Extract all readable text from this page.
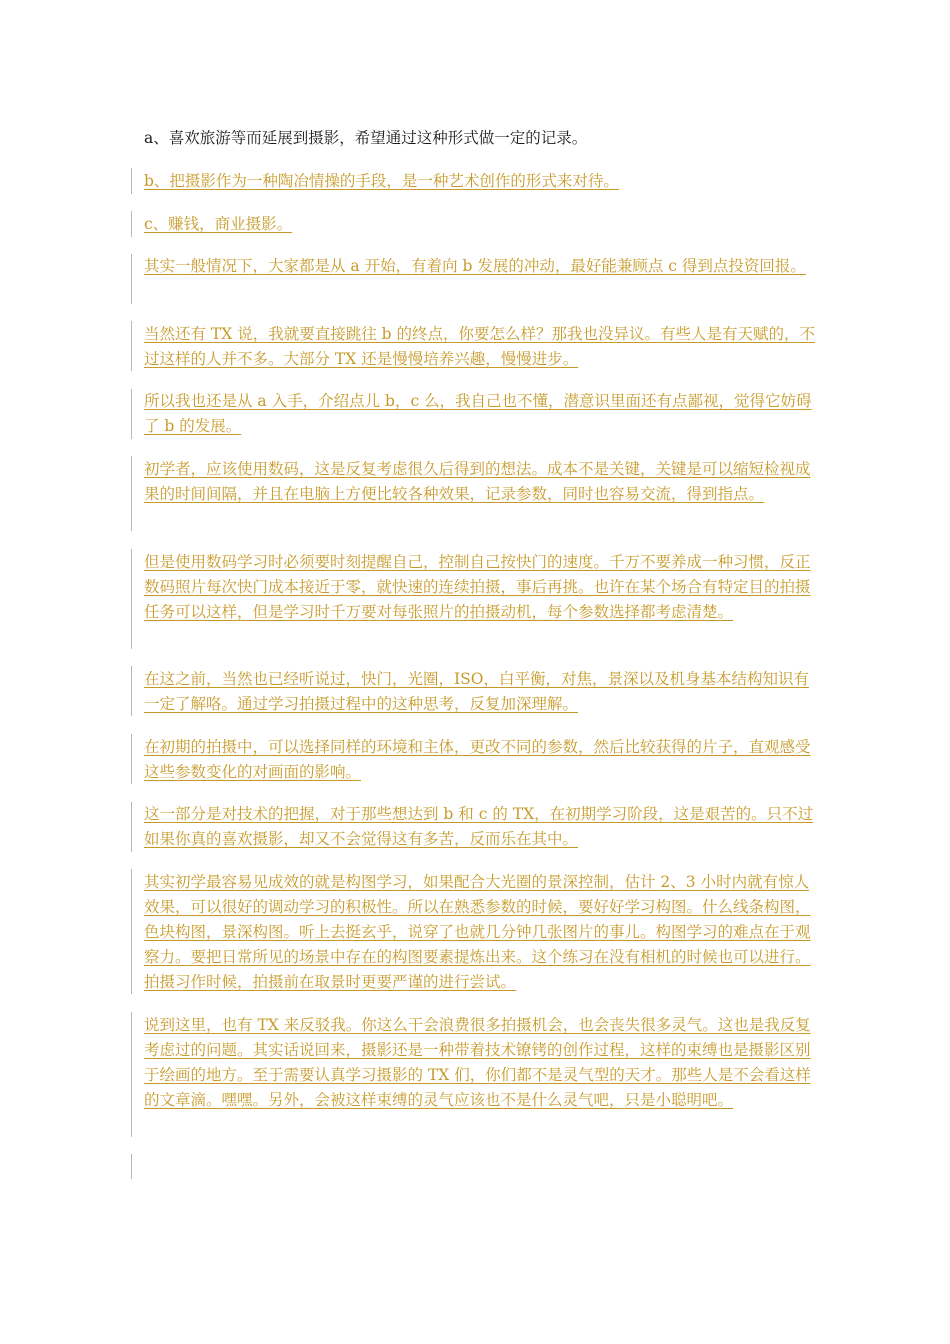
a、喜欢旅游等而延展到摄影，希望通过这种形式做一定的记录。

b、把摄影作为一种陶冶情操的手段，是一种艺术创作的形式来对待。

c、赚钱，商业摄影。

其实一般情况下，大家都是从 a 开始，有着向 b 发展的冲动，最好能兼顾点 c 得到点投资回报。

当然还有 TX 说，我就要直接跳往 b 的终点，你要怎么样？那我也没异议。有些人是有天赋的，不过这样的人并不多。大部分 TX 还是慢慢培养兴趣，慢慢进步。

所以我也还是从 a 入手，介绍点儿 b，c 么，我自己也不懂，潜意识里面还有点鄙视，觉得它妨碍了 b 的发展。

初学者，应该使用数码，这是反复考虑很久后得到的想法。成本不是关键，关键是可以缩短检视成果的时间间隔，并且在电脑上方便比较各种效果，记录参数，同时也容易交流，得到指点。

但是使用数码学习时必须要时刻提醒自己，控制自己按快门的速度。千万不要养成一种习惯，反正数码照片每次快门成本接近于零，就快速的连续拍摄，事后再挑。也许在某个场合有特定目的拍摄任务可以这样，但是学习时千万要对每张照片的拍摄动机，每个参数选择都考虑清楚。

在这之前，当然也已经听说过，快门，光圈，ISO，白平衡，对焦，景深以及机身基本结构知识有一定了解咯。通过学习拍摄过程中的这种思考，反复加深理解。

在初期的拍摄中，可以选择同样的环境和主体，更改不同的参数，然后比较获得的片子，直观感受这些参数变化的对画面的影响。

这一部分是对技术的把握，对于那些想达到 b 和 c 的 TX，在初期学习阶段，这是艰苦的。只不过如果你真的喜欢摄影，却又不会觉得这有多苦，反而乐在其中。

其实初学最容易见成效的就是构图学习，如果配合大光圈的景深控制，估计 2、3 小时内就有惊人效果，可以很好的调动学习的积极性。所以在熟悉参数的时候，要好好学习构图。什么线条构图，色块构图，景深构图。听上去挺玄乎，说穿了也就几分钟几张图片的事儿。构图学习的难点在于观察力。要把日常所见的场景中存在的构图要素提炼出来。这个练习在没有相机的时候也可以进行。拍摄习作时候，拍摄前在取景时更要严谨的进行尝试。

说到这里，也有 TX 来反驳我。你这么干会浪费很多拍摄机会，也会丧失很多灵气。这也是我反复考虑过的问题。其实话说回来，摄影还是一种带着技术镣铐的创作过程，这样的束缚也是摄影区别于绘画的地方。至于需要认真学习摄影的 TX 们，你们都不是灵气型的天才。那些人是不会看这样的文章滴。嘿嘿。另外，会被这样束缚的灵气应该也不是什么灵气吧，只是小聪明吧。
